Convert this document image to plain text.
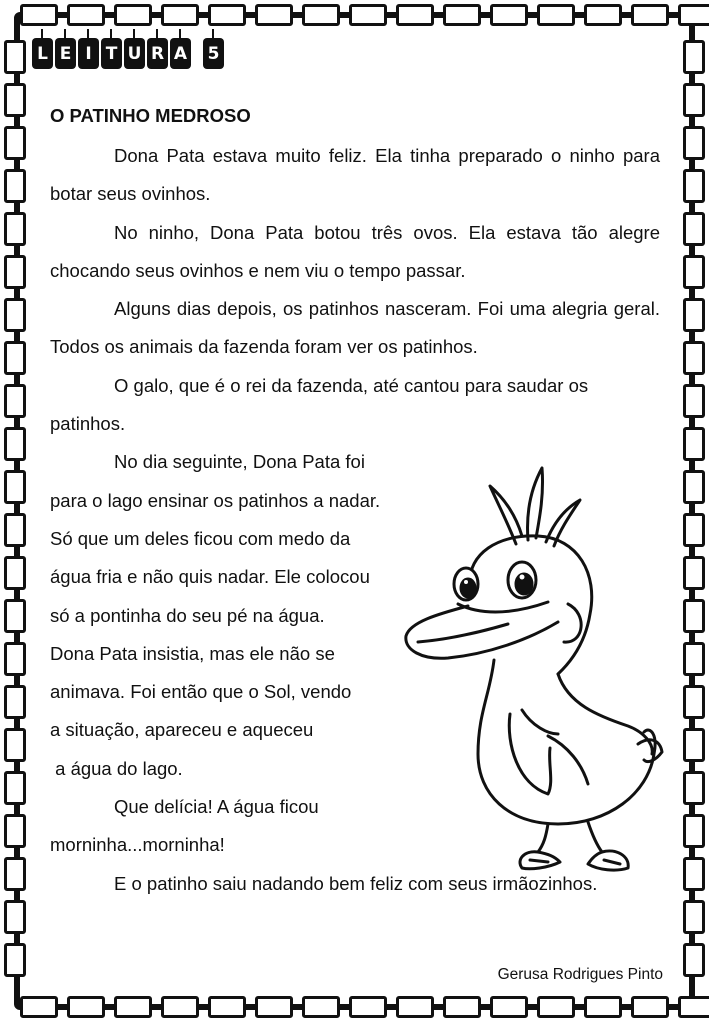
L E I T U R A 5
O PATINHO MEDROSO

Dona Pata estava muito feliz. Ela tinha preparado o ninho para botar seus ovinhos.

No ninho, Dona Pata botou três ovos. Ela estava tão alegre chocando seus ovinhos e nem viu o tempo passar.

Alguns dias depois, os patinhos nasceram. Foi uma alegria geral. Todos os animais da fazenda foram ver os patinhos.

O galo, que é o rei da fazenda, até cantou para saudar os patinhos.

No dia seguinte, Dona Pata foi
para o lago ensinar os patinhos a nadar.
Só que um deles ficou com medo da
água fria e não quis nadar. Ele colocou
só a pontinha do seu pé na água.
Dona Pata insistia, mas ele não se
animava. Foi então que o Sol, vendo
a situação, apareceu e aqueceu
a água do lago.
Que delícia! A água ficou
morninha...morninha!

E o patinho saiu nadando bem feliz com seus irmãozinhos.

Gerusa Rodrigues Pinto
